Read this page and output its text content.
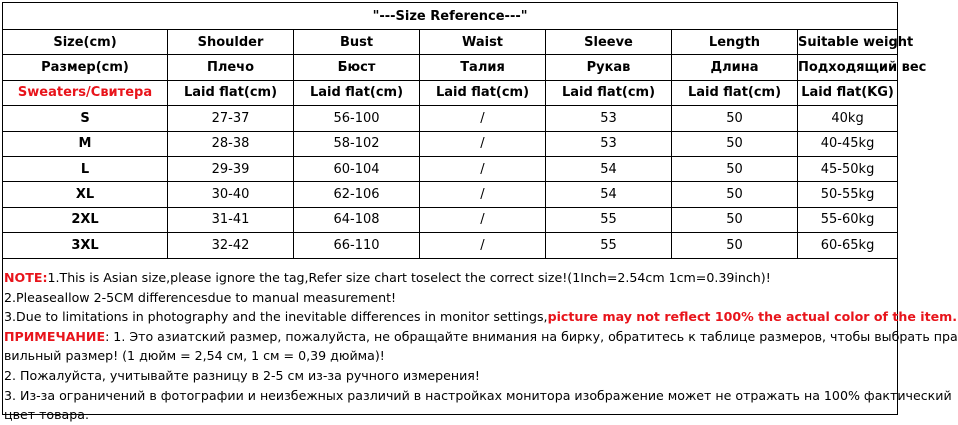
"---Size Reference---"						
Size(cm)	Shoulder	Bust	Waist	Sleeve	Length	Suitable weight
Размер(cm)	Плечо	Бюст	Талия	Рукав	Длина	Подходящий вес
Sweaters/Свитера	Laid flat(cm)	Laid flat(cm)	Laid flat(cm)	Laid flat(cm)	Laid flat(cm)	Laid flat(KG)
S	27-37	56-100	/	53	50	40kg
M	28-38	58-102	/	53	50	40-45kg
L	29-39	60-104	/	54	50	45-50kg
XL	30-40	62-106	/	54	50	50-55kg
2XL	31-41	64-108	/	55	50	55-60kg
3XL	32-42	66-110	/	55	50	60-65kg
NOTE:1.This is Asian size,please ignore the tag,Refer size chart toselect the correct size!(1Inch=2.54cm 1cm=0.39inch)!
2.Pleaseallow 2-5CM differencesdue to manual measurement!
3.Due to limitations in photography and the inevitable differences in monitor settings,picture may not reflect 100% the actual color of the item.
ПРИМЕЧАНИЕ: 1. Это азиатский размер, пожалуйста, не обращайте внимания на бирку, обратитесь к таблице размеров, чтобы выбрать пра
вильный размер! (1 дюйм = 2,54 см, 1 см = 0,39 дюйма)!
2. Пожалуйста, учитывайте разницу в 2-5 см из-за ручного измерения!
3. Из-за ограничений в фотографии и неизбежных различий в настройках монитора изображение может не отражать на 100% фактический
цвет товара.
